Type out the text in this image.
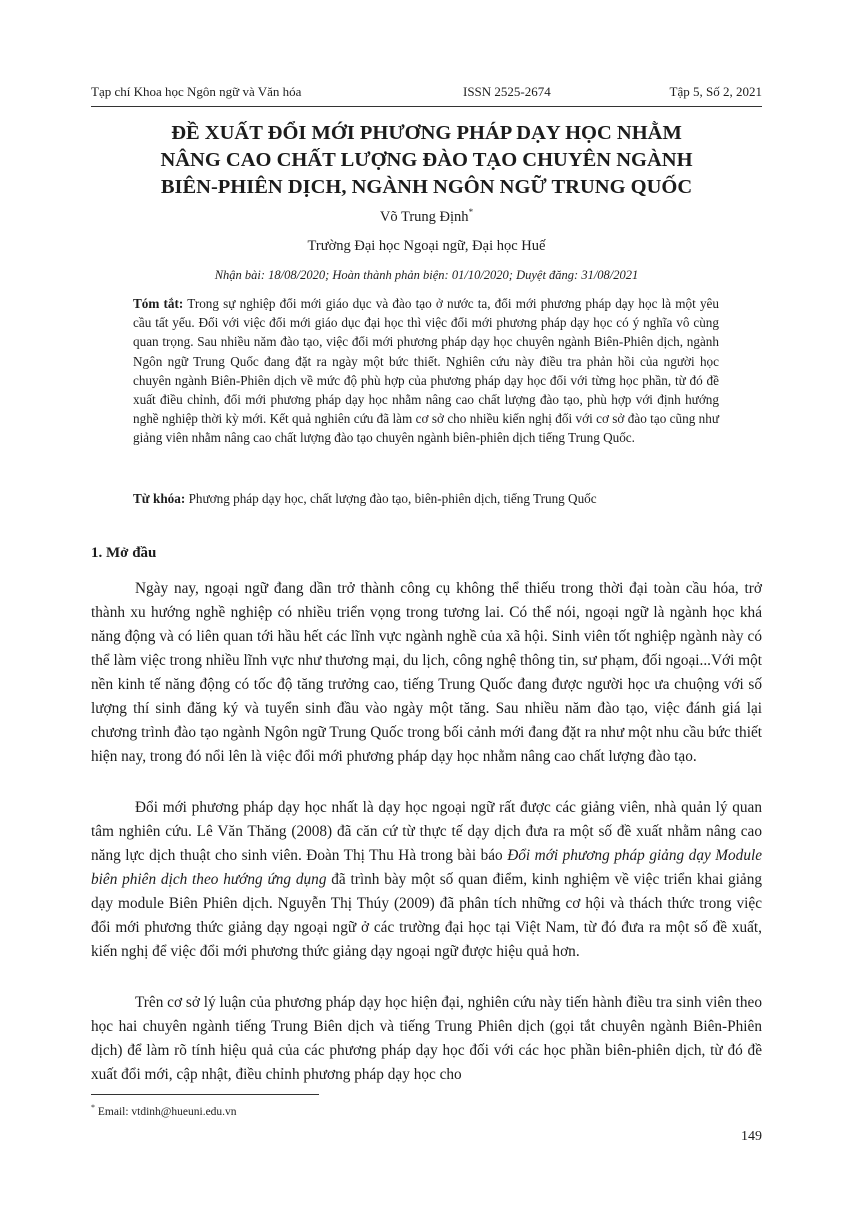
Tạp chí Khoa học Ngôn ngữ và Văn hóa	ISSN 2525-2674	Tập 5, Số 2, 2021
ĐỀ XUẤT ĐỔI MỚI PHƯƠNG PHÁP DẠY HỌC NHẰM
NÂNG CAO CHẤT LƯỢNG ĐÀO TẠO CHUYÊN NGÀNH
BIÊN-PHIÊN DỊCH, NGÀNH NGÔN NGỮ TRUNG QUỐC
Võ Trung Định*
Trường Đại học Ngoại ngữ, Đại học Huế
Nhận bài: 18/08/2020; Hoàn thành phản biện: 01/10/2020; Duyệt đăng: 31/08/2021
Tóm tắt: Trong sự nghiệp đổi mới giáo dục và đào tạo ở nước ta, đổi mới phương pháp dạy học là một yêu cầu tất yếu. Đối với việc đổi mới giáo dục đại học thì việc đổi mới phương pháp dạy học có ý nghĩa vô cùng quan trọng. Sau nhiều năm đào tạo, việc đổi mới phương pháp dạy học chuyên ngành Biên-Phiên dịch, ngành Ngôn ngữ Trung Quốc đang đặt ra ngày một bức thiết. Nghiên cứu này điều tra phản hồi của người học chuyên ngành Biên-Phiên dịch về mức độ phù hợp của phương pháp dạy học đối với từng học phần, từ đó đề xuất điều chỉnh, đổi mới phương pháp dạy học nhằm nâng cao chất lượng đào tạo, phù hợp với định hướng nghề nghiệp thời kỳ mới. Kết quả nghiên cứu đã làm cơ sở cho nhiều kiến nghị đối với cơ sở đào tạo cũng như giảng viên nhằm nâng cao chất lượng đào tạo chuyên ngành biên-phiên dịch tiếng Trung Quốc.
Từ khóa: Phương pháp dạy học, chất lượng đào tạo, biên-phiên dịch, tiếng Trung Quốc
1. Mở đầu

Ngày nay, ngoại ngữ đang dần trở thành công cụ không thể thiếu trong thời đại toàn cầu hóa, trở thành xu hướng nghề nghiệp có nhiều triển vọng trong tương lai. Có thể nói, ngoại ngữ là ngành học khá năng động và có liên quan tới hầu hết các lĩnh vực ngành nghề của xã hội. Sinh viên tốt nghiệp ngành này có thể làm việc trong nhiều lĩnh vực như thương mại, du lịch, công nghệ thông tin, sư phạm, đối ngoại...Với một nền kinh tế năng động có tốc độ tăng trưởng cao, tiếng Trung Quốc đang được người học ưa chuộng với số lượng thí sinh đăng ký và tuyển sinh đầu vào ngày một tăng. Sau nhiều năm đào tạo, việc đánh giá lại chương trình đào tạo ngành Ngôn ngữ Trung Quốc trong bối cảnh mới đang đặt ra như một nhu cầu bức thiết hiện nay, trong đó nổi lên là việc đổi mới phương pháp dạy học nhằm nâng cao chất lượng đào tạo.

Đổi mới phương pháp dạy học nhất là dạy học ngoại ngữ rất được các giảng viên, nhà quản lý quan tâm nghiên cứu. Lê Văn Thăng (2008) đã căn cứ từ thực tế dạy dịch đưa ra một số đề xuất nhằm nâng cao năng lực dịch thuật cho sinh viên. Đoàn Thị Thu Hà trong bài báo Đổi mới phương pháp giảng dạy Module biên phiên dịch theo hướng ứng dụng đã trình bày một số quan điểm, kinh nghiệm về việc triển khai giảng dạy module Biên Phiên dịch. Nguyễn Thị Thúy (2009) đã phân tích những cơ hội và thách thức trong việc đổi mới phương thức giảng dạy ngoại ngữ ở các trường đại học tại Việt Nam, từ đó đưa ra một số đề xuất, kiến nghị để việc đổi mới phương thức giảng dạy ngoại ngữ được hiệu quả hơn.

Trên cơ sở lý luận của phương pháp dạy học hiện đại, nghiên cứu này tiến hành điều tra sinh viên theo học hai chuyên ngành tiếng Trung Biên dịch và tiếng Trung Phiên dịch (gọi tắt chuyên ngành Biên-Phiên dịch) để làm rõ tính hiệu quả của các phương pháp dạy học đối với các học phần biên-phiên dịch, từ đó đề xuất đổi mới, cập nhật, điều chỉnh phương pháp dạy học cho

* Email: vtdinh@hueuni.edu.vn
149
